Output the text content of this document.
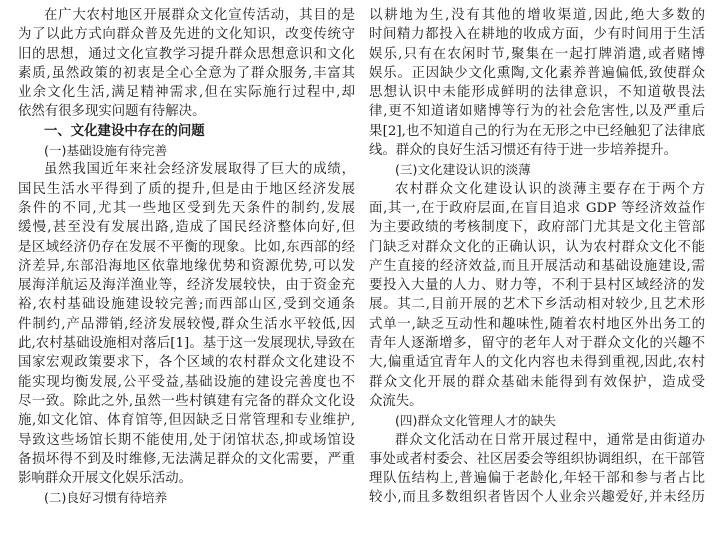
在广大农村地区开展群众文化宣传活动，其目的是
为了以此方式向群众普及先进的文化知识，改变传统守
旧的思想，通过文化宣教学习提升群众思想意识和文化
素质,虽然政策的初衷是全心全意为了群众服务,丰富其
业余文化生活,满足精神需求,但在实际施行过程中,却
依然有很多现实问题有待解决。
一、文化建设中存在的问题
(一)基础设施有待完善
虽然我国近年来社会经济发展取得了巨大的成绩，
国民生活水平得到了质的提升,但是由于地区经济发展
条件的不同,尤其一些地区受到先天条件的制约,发展
缓慢,甚至没有发展出路,造成了国民经济整体向好,但
是区域经济仍存在发展不平衡的现象。比如,东西部的经
济差异,东部沿海地区依靠地缘优势和资源优势,可以发
展海洋航运及海洋渔业等，经济发展较快，由于资金充
裕,农村基础设施建设较完善;而西部山区,受到交通条
件制约,产品滞销,经济发展较慢,群众生活水平较低,因
此,农村基础设施相对落后[1]。基于这一发展现状,导致在
国家宏观政策要求下，各个区域的农村群众文化建设不
能实现均衡发展,公平受益,基础设施的建设完善度也不
尽一致。除此之外,虽然一些村镇建有完备的群众文化设
施,如文化馆、体育馆等,但因缺乏日常管理和专业维护,
导致这些场馆长期不能使用,处于闭馆状态,抑或场馆设
备损坏得不到及时维修,无法满足群众的文化需要，严重
影响群众开展文化娱乐活动。
(二)良好习惯有待培养
以耕地为生,没有其他的增收渠道,因此,绝大多数的
时间精力都投入在耕地的收成方面，少有时间用于生活
娱乐,只有在农闲时节,聚集在一起打牌消遣,或者赌博
娱乐。正因缺少文化熏陶,文化素养普遍偏低,致使群众
思想认识中未能形成鲜明的法律意识，不知道敬畏法
律,更不知道诸如赌博等行为的社会危害性,以及严重后
果[2],也不知道自己的行为在无形之中已经触犯了法律底
线。群众的良好生活习惯还有待于进一步培养提升。
(三)文化建设认识的淡薄
农村群众文化建设认识的淡薄主要存在于两个方
面,其一,在于政府层面,在盲目追求 GDP 等经济效益作
为主要政绩的考核制度下，政府部门尤其是文化主管部
门缺乏对群众文化的正确认识，认为农村群众文化不能
产生直接的经济效益,而且开展活动和基础设施建设,需
要投入大量的人力、财力等，不利于县村区域经济的发
展。其二,目前开展的艺术下乡活动相对较少,且艺术形
式单一,缺乏互动性和趣味性,随着农村地区外出务工的
青年人逐渐增多，留守的老年人对于群众文化的兴趣不
大,偏重适宜青年人的文化内容也未得到重视,因此,农村
群众文化开展的群众基础未能得到有效保护，造成受
众流失。
(四)群众文化管理人才的缺失
群众文化活动在日常开展过程中，通常是由街道办
事处或者村委会、社区居委会等组织协调组织，在干部管
理队伍结构上,普遍偏于老龄化,年轻干部和参与者占比
较小,而且多数组织者皆因个人业余兴趣爱好,并未经历
